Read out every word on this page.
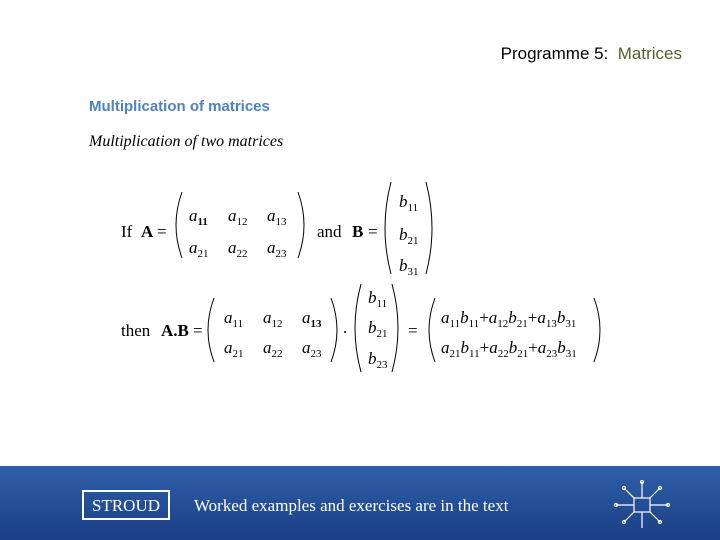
Programme 5: Matrices
Multiplication of matrices
Multiplication of two matrices
If A =
$a_{11}$ $a_{12}$ $a_{13}$
$a_{21}$ $a_{22}$ $a_{23}$
and B =
$b_{11}$
$b_{21}$
$b_{31}$
then A.B =
$a_{11}$ $a_{12}$ $a_{13}$
$a_{21}$ $a_{22}$ $a_{23}$
.
$b_{11}$
$b_{21}$
$b_{23}$
=
$a_{11}b_{11}+a_{12}b_{21}+a_{13}b_{31}$
$a_{21}b_{11}+a_{22}b_{21}+a_{23}b_{31}$
STROUD	Worked examples and exercises are in the text
